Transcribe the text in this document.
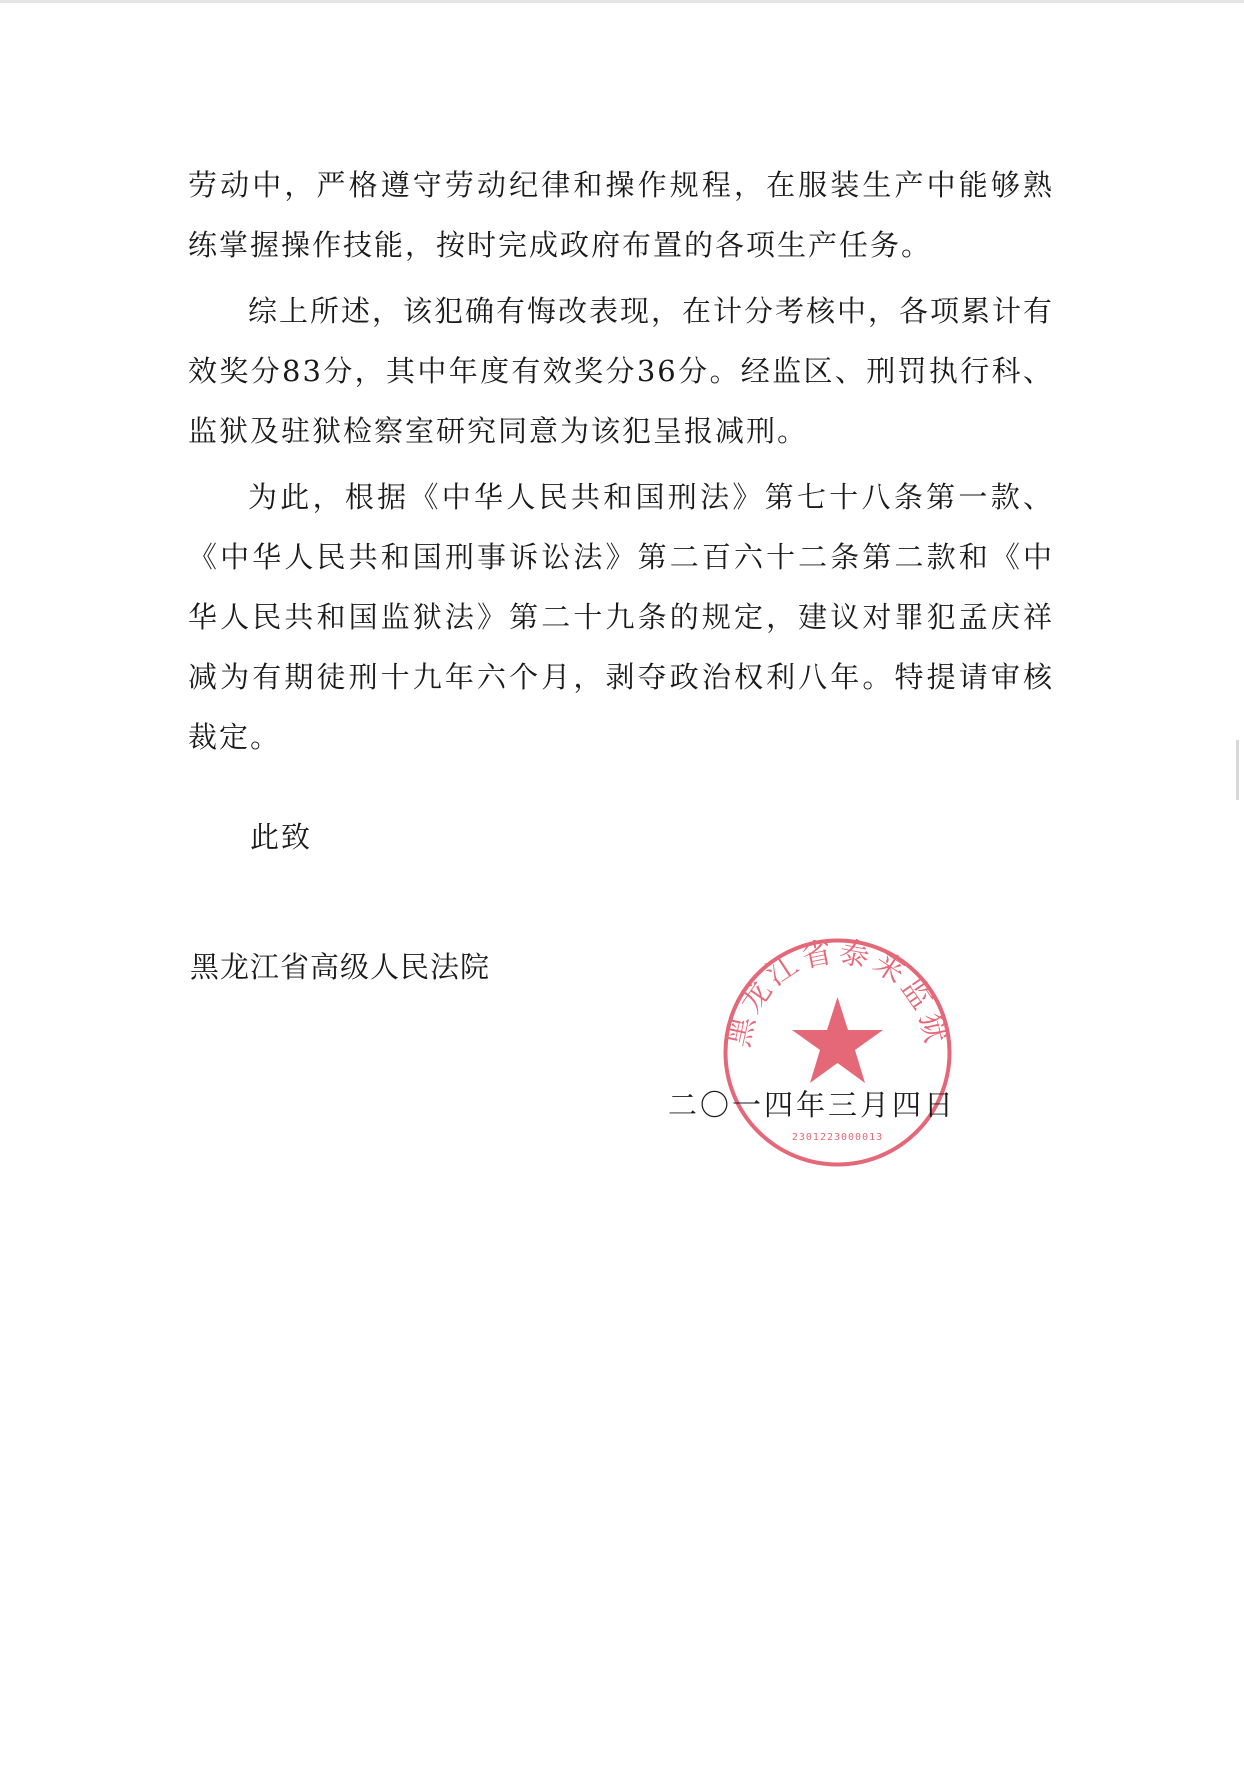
劳动中，严格遵守劳动纪律和操作规程，在服装生产中能够熟练掌握操作技能，按时完成政府布置的各项生产任务。

综上所述，该犯确有悔改表现，在计分考核中，各项累计有效奖分83分，其中年度有效奖分36分。经监区、刑罚执行科、监狱及驻狱检察室研究同意为该犯呈报减刑。

为此，根据《中华人民共和国刑法》第七十八条第一款、《中华人民共和国刑事诉讼法》第二百六十二条第二款和《中华人民共和国监狱法》第二十九条的规定，建议对罪犯孟庆祥减为有期徒刑十九年六个月，剥夺政治权利八年。特提请审核裁定。

此致
黑龙江省高级人民法院
黑龙江省泰来监狱
2301223000013
二〇一四年三月四日
